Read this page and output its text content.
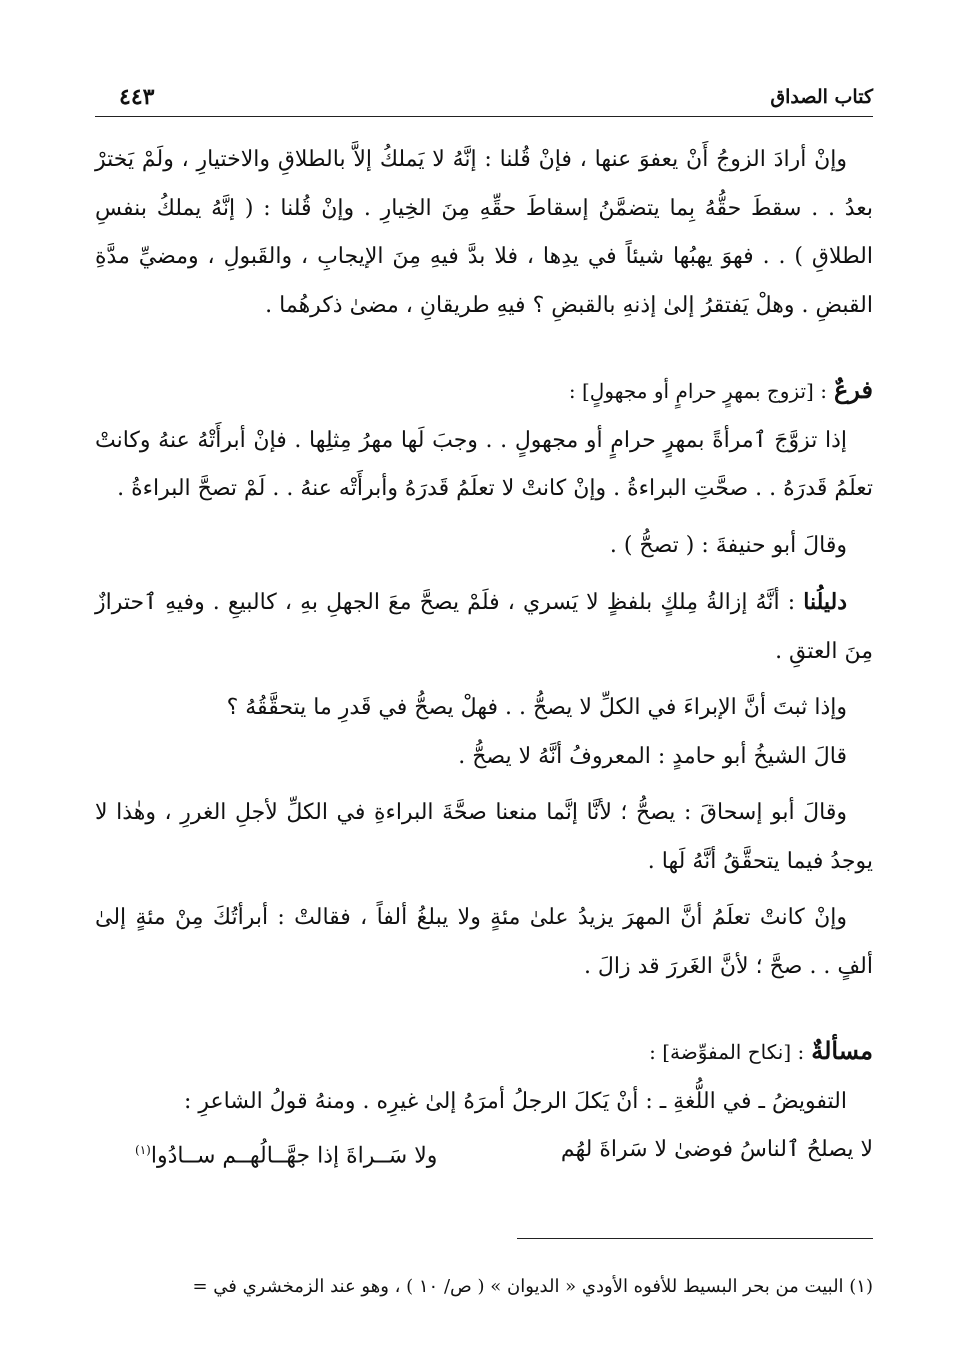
كتاب الصداق
٤٤٣

وإنْ أرادَ الزوجُ أَنْ يعفوَ عنها ، فإنْ قُلنا : إنَّهُ لا يَملكُ إلاَّ بالطلاقِ والاختيارِ ، ولَمْ يَخترْ بعدُ . . سقطَ حقُّهُ بِما يتضمَّنُ إسقاطَ حقِّهِ مِنَ الخِيارِ . وإنْ قُلنا : ( إنَّهُ يملكُ بنفسِ الطلاقِ ) . . فهوَ يهبُها شيئاً في يدِها ، فلا بدَّ فيهِ مِنَ الإيجابِ ، والقَبولِ ، ومضيِّ مدَّةِ القبضِ . وهلْ يَفتقرُ إلىٰ إذنهِ بالقبضِ ؟ فيهِ طريقانِ ، مضىٰ ذكرهُما .

فرعٌ : [تزوج بمهرٍ حرامٍ أو مجهولٍ] :

إذا تزوَّجَ ٱمرأةً بمهرٍ حرامٍ أو مجهولٍ . . وجبَ لَها مهرُ مِثلِها . فإنْ أبرأَتْهُ عنهُ وكانتْ تعلَمُ قَدرَهُ . . صحَّتِ البراءةُ . وإنْ كانتْ لا تعلَمُ قَدرَهُ وأبرأَتْه عنهُ . . لَمْ تصحَّ البراءةُ .

وقالَ أبو حنيفةَ : ( تصحُّ ) .

دليلُنا : أنَّهُ إزالةُ مِلكٍ بلفظٍ لا يَسري ، فلَمْ يصحَّ معَ الجهلِ بهِ ، كالبيعِ . وفيهِ ٱحترازٌ مِنَ العتقِ .

وإذا ثبتَ أنَّ الإبراءَ في الكلِّ لا يصحُّ . . فهلْ يصحُّ في قَدرِ ما يتحقَّقُهُ ؟

قالَ الشيخُ أبو حامدٍ : المعروفُ أنَّهُ لا يصحُّ .

وقالَ أبو إسحاقَ : يصحُّ ؛ لأنَّا إنَّما منعنا صحَّةَ البراءةِ في الكلِّ لأجلِ الغررِ ، وهٰذا لا يوجدُ فيما يتحقَّقُ أنَّهُ لَها .

وإنْ كانتْ تعلَمُ أنَّ المهرَ يزيدُ علىٰ مئةٍ ولا يبلغُ ألفاً ، فقالتْ : أبرأتُكَ مِنْ مئةٍ إلىٰ ألفٍ . . صحَّ ؛ لأنَّ الغَررَ قد زالَ .

مسألةٌ : [نكاح المفوِّضة] :

التفويضُ ـ في اللُّغةِ ـ : أنْ يَكلَ الرجلُ أمرَهُ إلىٰ غيرِه . ومنهُ قولُ الشاعرِ :

لا يصلحُ ٱلناسُ فوضىٰ لا سَراةَ لهُم
ولا سَــراةَ إذا جهَّــالُهــم ســادُوا$^{(١)}$

(١) البيت من بحر البسيط للأفوه الأودي « الديوان » ( ص/ ١٠ ) ، وهو عند الزمخشري في =
